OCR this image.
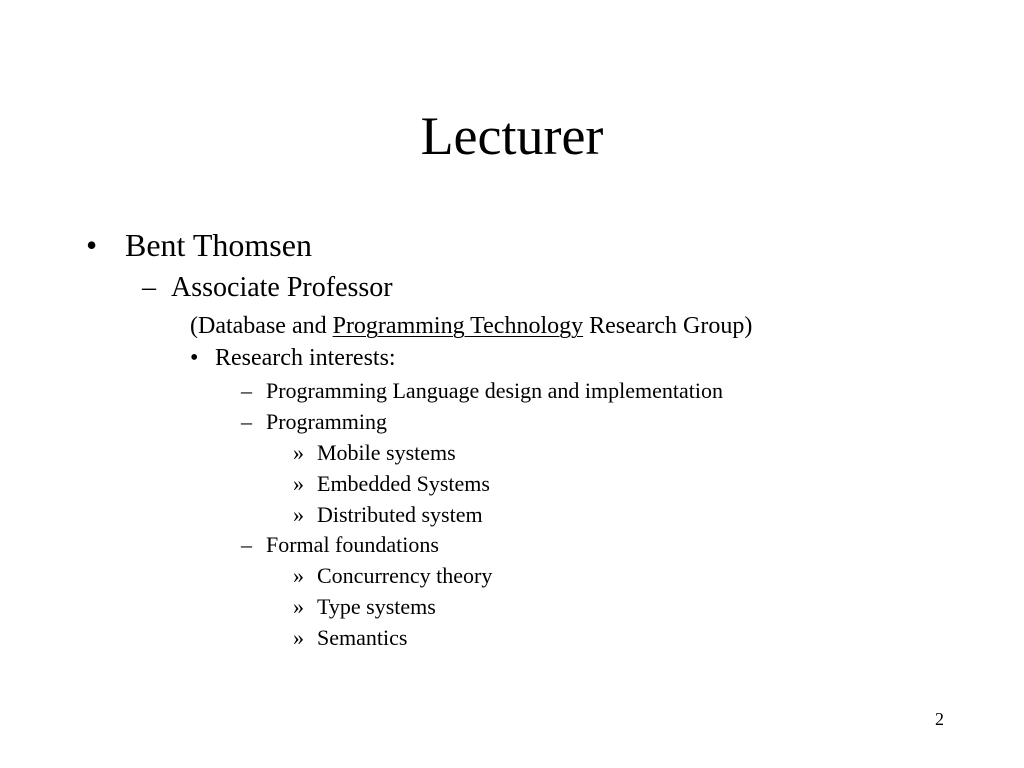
Lecturer
• Bent Thomsen
– Associate Professor
(Database and Programming Technology Research Group)
• Research interests:
– Programming Language design and implementation
– Programming
» Mobile systems
» Embedded Systems
» Distributed system
– Formal foundations
» Concurrency theory
» Type systems
» Semantics
2
